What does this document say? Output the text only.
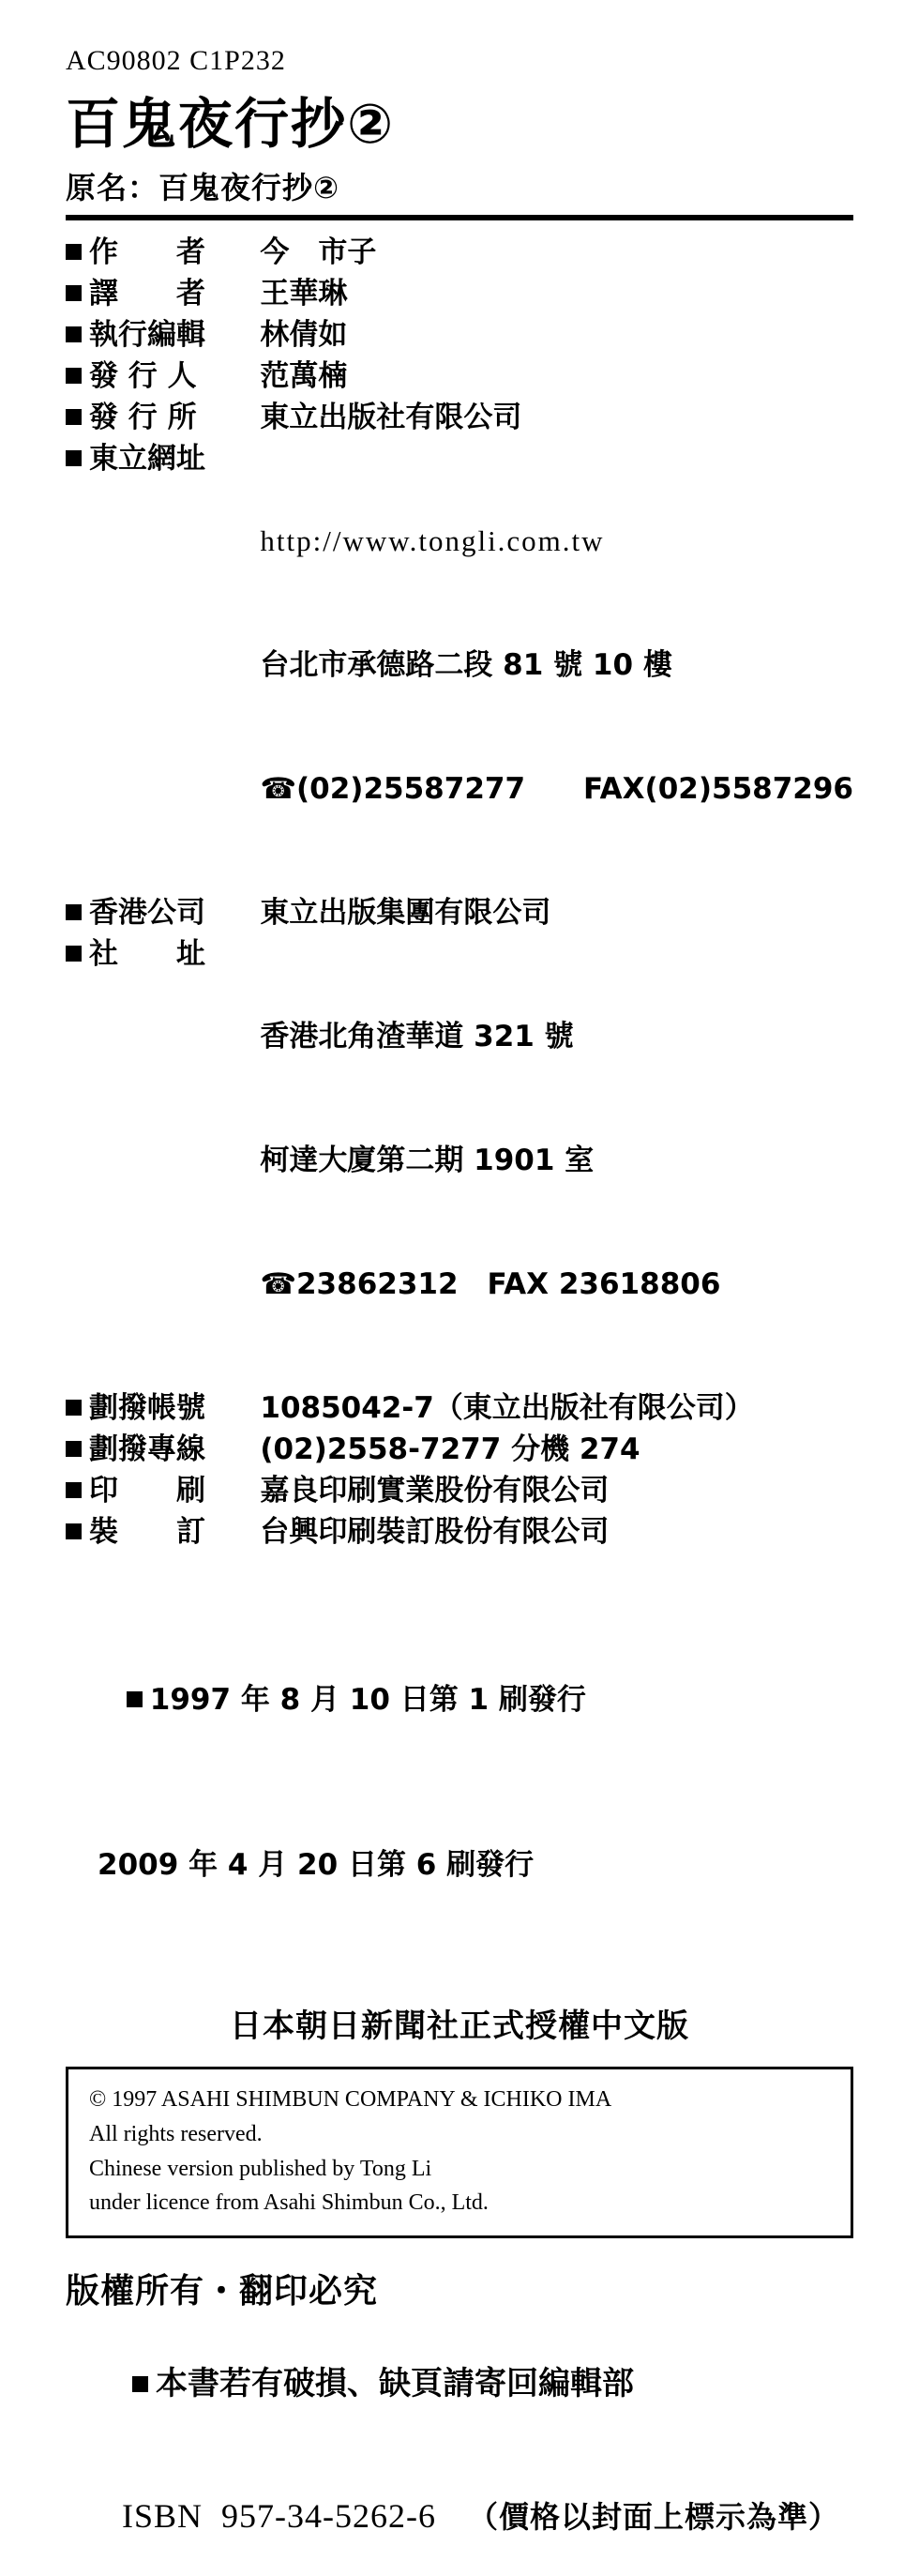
AC90802 C1P232
百鬼夜行抄②
原名：百鬼夜行抄②
作　　者	今　市子
譯　　者	王華琳
執行編輯	林倩如
發 行 人	范萬楠
發 行 所	東立出版社有限公司
東立網址	http://www.tongli.com.tw

台北市承德路二段 81 號 10 樓

☎(02)25587277　　FAX(02)5587296

香港公司	東立出版集團有限公司
社　　址	香港北角渣華道 321 號

柯達大廈第二期 1901 室

☎23862312　FAX 23618806

劃撥帳號	1085042-7（東立出版社有限公司）
劃撥專線	(02)2558-7277 分機 274
印　　刷	嘉良印刷實業股份有限公司
裝　　訂	台興印刷裝訂股份有限公司

1997 年 8 月 10 日第 1 刷發行

2009 年 4 月 20 日第 6 刷發行

日本朝日新聞社正式授權中文版
© 1997 ASAHI SHIMBUN COMPANY & ICHIKO IMA
All rights reserved.
Chinese version published by Tong Li
under licence from Asahi Shimbun Co., Ltd.
版權所有・翻印必究

本書若有破損、缺頁請寄回編輯部

ISBN  957-34-5262-6 （價格以封面上標示為準）
